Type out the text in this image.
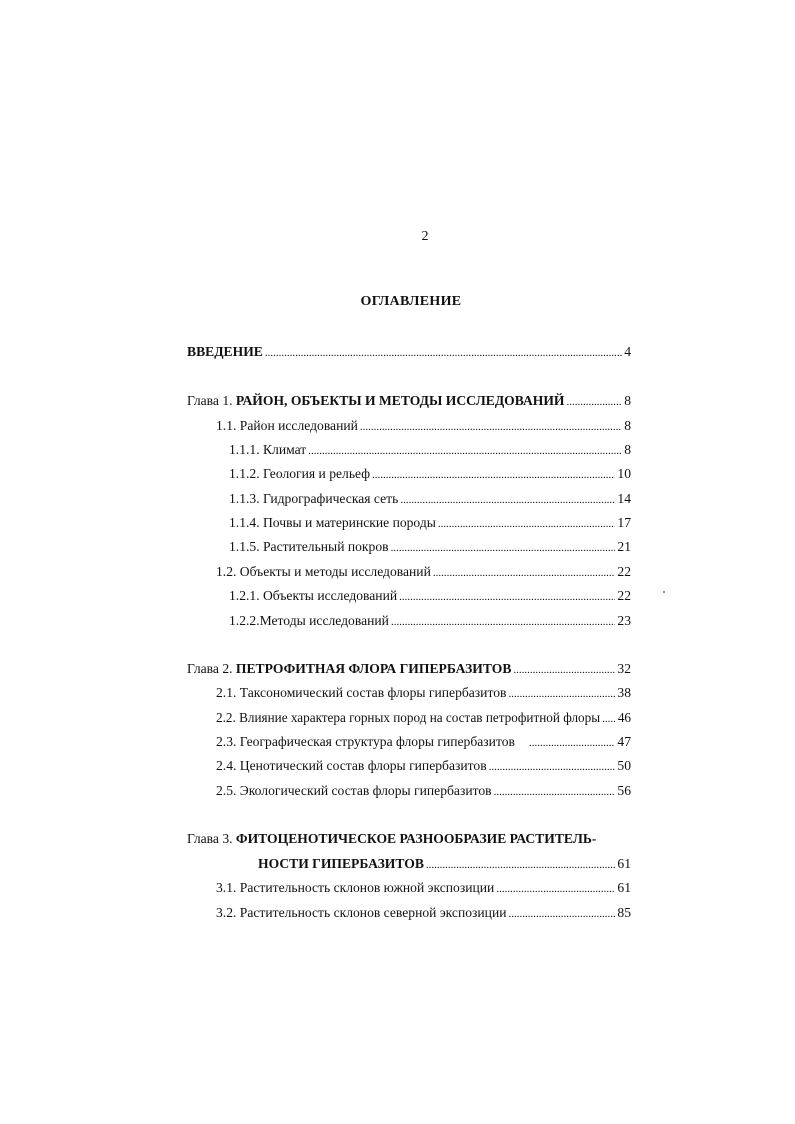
2
ОГЛАВЛЕНИЕ
ВВЕДЕНИЕ .....	4
Глава 1. РАЙОН, ОБЪЕКТЫ И МЕТОДЫ ИССЛЕДОВАНИЙ .....	8
1.1. Район исследований .....	8
1.1.1. Климат .....	8
1.1.2. Геология и рельеф .....	10
1.1.3. Гидрографическая сеть .....	14
1.1.4. Почвы и материнские породы .....	17
1.1.5. Растительный покров .....	21
1.2. Объекты и методы исследований .....	22
1.2.1. Объекты исследований .....	22
1.2.2.Методы исследований .....	23
Глава 2. ПЕТРОФИТНАЯ ФЛОРА ГИПЕРБАЗИТОВ .....	32
2.1. Таксономический состав флоры гипербазитов .....	38
2.2. Влияние характера горных пород на состав петрофитной флоры ..... 46
2.3. Географическая структура флоры гипербазитов .....	47
2.4. Ценотический состав флоры гипербазитов .....	50
2.5. Экологический состав флоры гипербазитов .....	56
Глава 3. ФИТОЦЕНОТИЧЕСКОЕ РАЗНООБРАЗИЕ РАСТИТЕЛЬ-
НОСТИ ГИПЕРБАЗИТОВ .....	61
3.1. Растительность склонов южной экспозиции .....	61
3.2. Растительность склонов северной экспозиции .....	85
